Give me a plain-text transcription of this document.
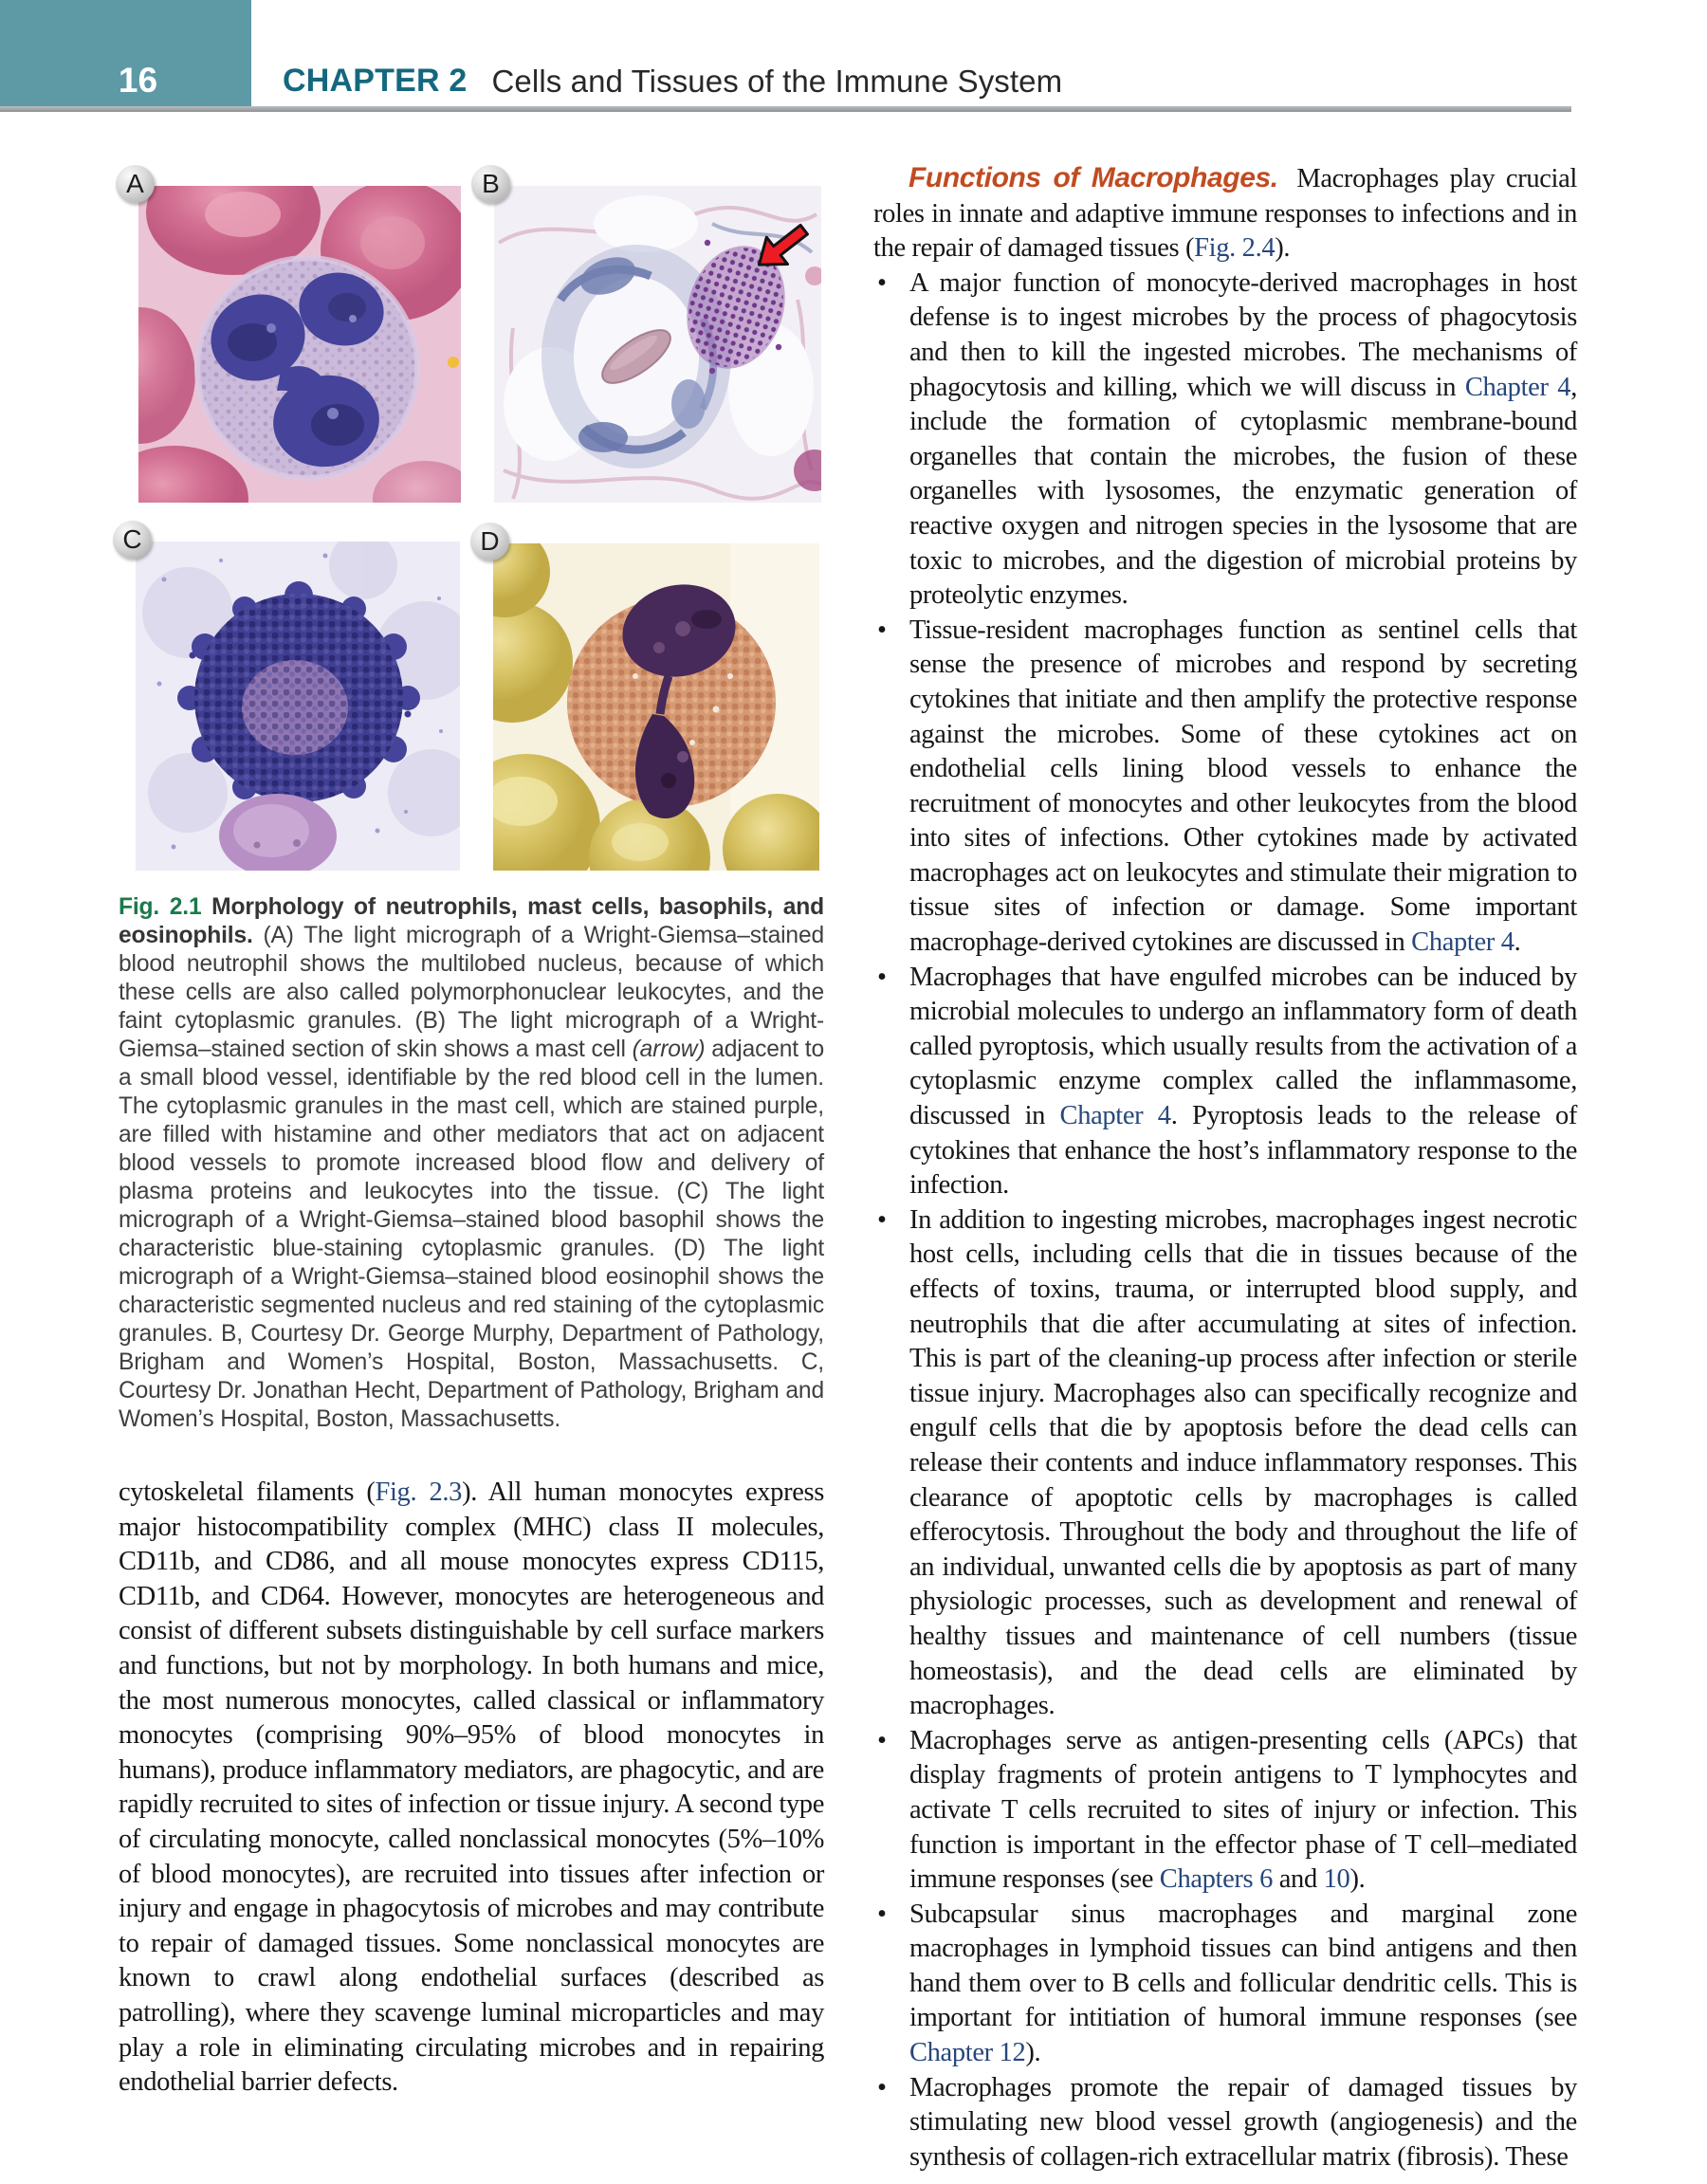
16	CHAPTER 2 Cells and Tissues of the Immune System
A	B
C	D

Fig. 2.1 Morphology of neutrophils, mast cells, basophils, and eosinophils. (A) The light micrograph of a Wright-Giemsa–stained blood neutrophil shows the multilobed nucleus, because of which these cells are also called polymorphonuclear leukocytes, and the faint cytoplasmic granules. (B) The light micrograph of a Wright-Giemsa–stained section of skin shows a mast cell (arrow) adjacent to a small blood vessel, identifiable by the red blood cell in the lumen. The cytoplasmic granules in the mast cell, which are stained purple, are filled with histamine and other mediators that act on adjacent blood vessels to promote increased blood flow and delivery of plasma proteins and leukocytes into the tissue. (C) The light micrograph of a Wright-Giemsa–stained blood basophil shows the characteristic blue-staining cytoplasmic granules. (D) The light micrograph of a Wright-Giemsa–stained blood eosinophil shows the characteristic segmented nucleus and red staining of the cytoplasmic granules. B, Courtesy Dr. George Murphy, Department of Pathology, Brigham and Women’s Hospital, Boston, Massachusetts. C, Courtesy Dr. Jonathan Hecht, Department of Pathology, Brigham and Women’s Hospital, Boston, Massachusetts.

cytoskeletal filaments (Fig. 2.3). All human monocytes express major histocompatibility complex (MHC) class II molecules, CD11b, and CD86, and all mouse monocytes express CD115, CD11b, and CD64. However, monocytes are heterogeneous and consist of different subsets distinguishable by cell surface markers and functions, but not by morphology. In both humans and mice, the most numerous monocytes, called classical or inflammatory monocytes (comprising 90%–95% of blood monocytes in humans), produce inflammatory mediators, are phagocytic, and are rapidly recruited to sites of infection or tissue injury. A second type of circulating monocyte, called nonclassical monocytes (5%–10% of blood monocytes), are recruited into tissues after infection or injury and engage in phagocytosis of microbes and may contribute to repair of damaged tissues. Some nonclassical monocytes are known to crawl along endothelial surfaces (described as patrolling), where they scavenge luminal microparticles and may play a role in eliminating circulating microbes and in repairing endothelial barrier defects.

Functions of Macrophages. Macrophages play crucial roles in innate and adaptive immune responses to infections and in the repair of damaged tissues (Fig. 2.4).

• A major function of monocyte-derived macrophages in host defense is to ingest microbes by the process of phagocytosis and then to kill the ingested microbes. The mechanisms of phagocytosis and killing, which we will discuss in Chapter 4, include the formation of cytoplasmic membrane-bound organelles that contain the microbes, the fusion of these organelles with lysosomes, the enzymatic generation of reactive oxygen and nitrogen species in the lysosome that are toxic to microbes, and the digestion of microbial proteins by proteolytic enzymes.
• Tissue-resident macrophages function as sentinel cells that sense the presence of microbes and respond by secreting cytokines that initiate and then amplify the protective response against the microbes. Some of these cytokines act on endothelial cells lining blood vessels to enhance the recruitment of monocytes and other leukocytes from the blood into sites of infections. Other cytokines made by activated macrophages act on leukocytes and stimulate their migration to tissue sites of infection or damage. Some important macrophage-derived cytokines are discussed in Chapter 4.
• Macrophages that have engulfed microbes can be induced by microbial molecules to undergo an inflammatory form of death called pyroptosis, which usually results from the activation of a cytoplasmic enzyme complex called the inflammasome, discussed in Chapter 4. Pyroptosis leads to the release of cytokines that enhance the host’s inflammatory response to the infection.
• In addition to ingesting microbes, macrophages ingest necrotic host cells, including cells that die in tissues because of the effects of toxins, trauma, or interrupted blood supply, and neutrophils that die after accumulating at sites of infection. This is part of the cleaning-up process after infection or sterile tissue injury. Macrophages also can specifically recognize and engulf cells that die by apoptosis before the dead cells can release their contents and induce inflammatory responses. This clearance of apoptotic cells by macrophages is called efferocytosis. Throughout the body and throughout the life of an individual, unwanted cells die by apoptosis as part of many physiologic processes, such as development and renewal of healthy tissues and maintenance of cell numbers (tissue homeostasis), and the dead cells are eliminated by macrophages.
• Macrophages serve as antigen-presenting cells (APCs) that display fragments of protein antigens to T lymphocytes and activate T cells recruited to sites of injury or infection. This function is important in the effector phase of T cell–mediated immune responses (see Chapters 6 and 10).
• Subcapsular sinus macrophages and marginal zone macrophages in lymphoid tissues can bind antigens and then hand them over to B cells and follicular dendritic cells. This is important for intitiation of humoral immune responses (see Chapter 12).
• Macrophages promote the repair of damaged tissues by stimulating new blood vessel growth (angiogenesis) and the synthesis of collagen-rich extracellular matrix (fibrosis). These
